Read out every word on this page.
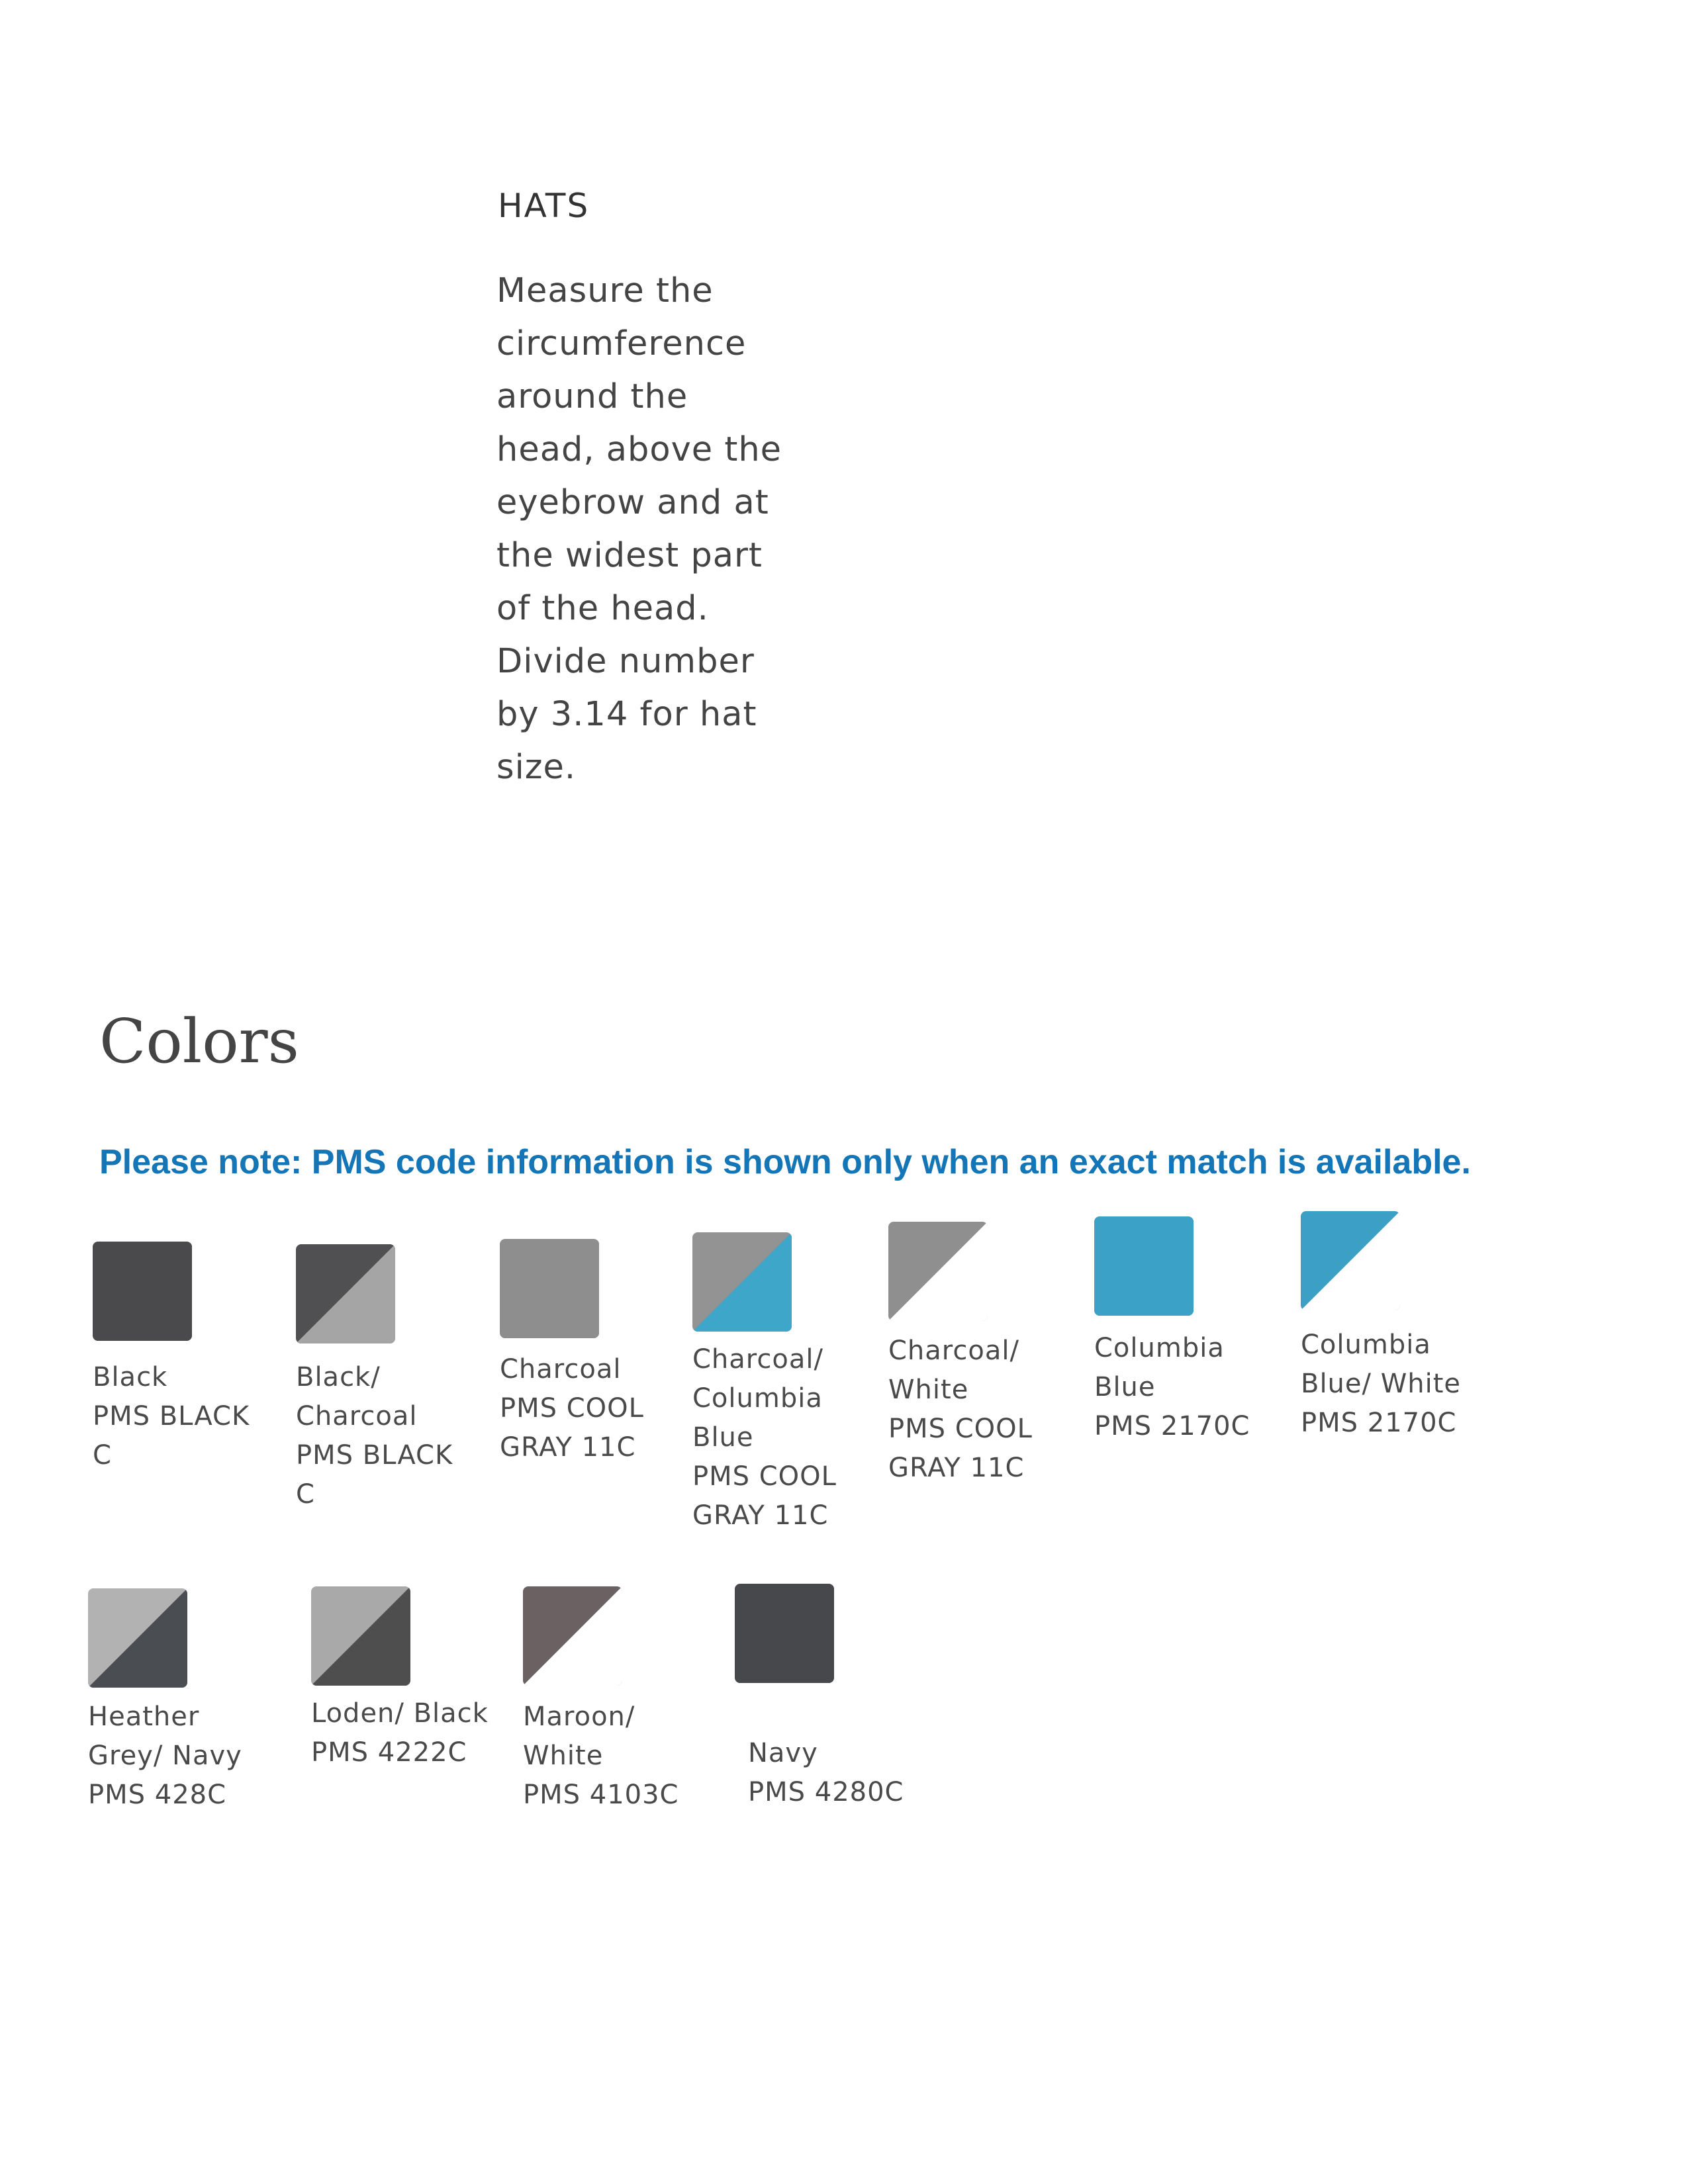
HATS
Measure the
circumference
around the
head, above the
eyebrow and at
the widest part
of the head.
Divide number
by 3.14 for hat
size.
Colors
Please note: PMS code information is shown only when an exact match is available.
Black
PMS BLACK
C
Black/
Charcoal
PMS BLACK
C
Charcoal
PMS COOL
GRAY 11C
Charcoal/
Columbia
Blue
PMS COOL
GRAY 11C
Charcoal/
White
PMS COOL
GRAY 11C
Columbia
Blue
PMS 2170C
Columbia
Blue/ White
PMS 2170C
Heather
Grey/ Navy
PMS 428C
Loden/ Black
PMS 4222C
Maroon/
White
PMS 4103C
Navy
PMS 4280C
